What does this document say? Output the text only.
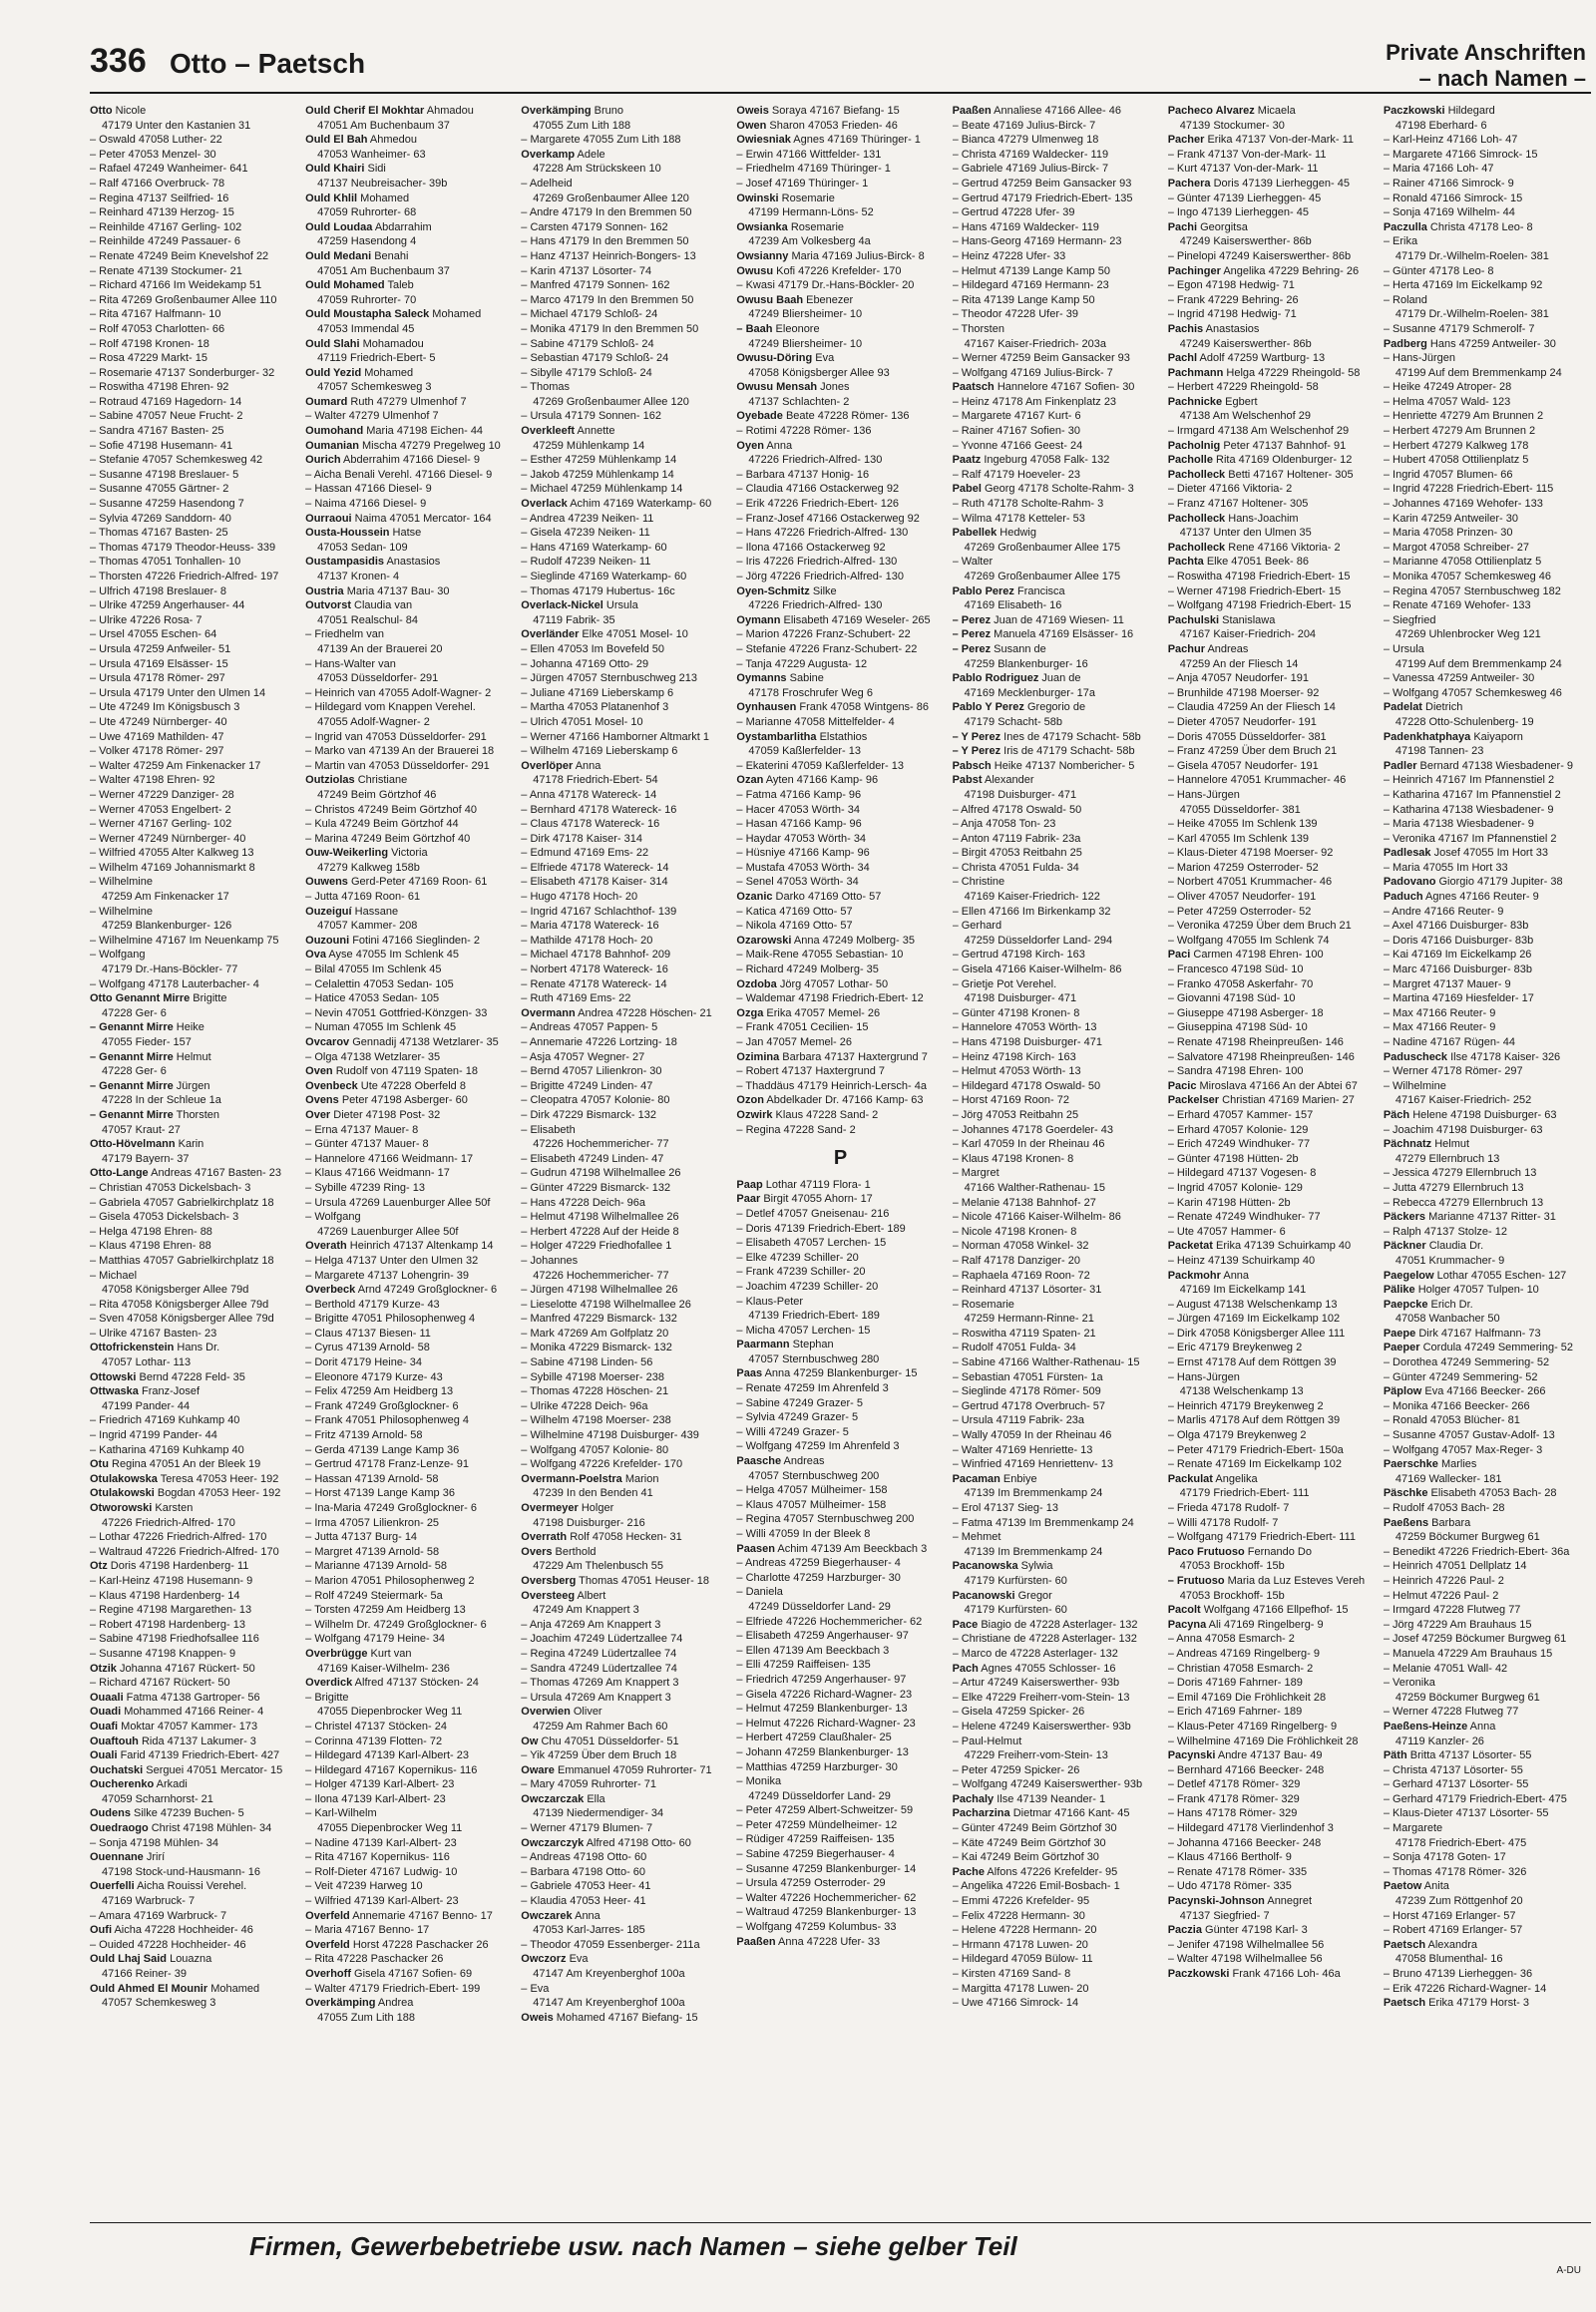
336 Otto – Paetsch	Private Anschriften
– nach Namen –
Otto Nicole
47179 Unter den Kastanien 31
– Oswald 47058 Luther- 22
– Peter 47053 Menzel- 30
– Rafael 47249 Wanheimer- 641
– Ralf 47166 Overbruck- 78
– Regina 47137 Seilfried- 16
– Reinhard 47139 Herzog- 15
– Reinhilde 47167 Gerling- 102
– Reinhilde 47249 Passauer- 6
– Renate 47249 Beim Knevelshof 22
– Renate 47139 Stockumer- 21
– Richard 47166 Im Weidekamp 51
– Rita 47269 Großenbaumer Allee 110
– Rita 47167 Halfmann- 10
– Rolf 47053 Charlotten- 66
– Rolf 47198 Kronen- 18
– Rosa 47229 Markt- 15
– Rosemarie 47137 Sonderburger- 32
– Roswitha 47198 Ehren- 92
– Rotraud 47169 Hagedorn- 14
– Sabine 47057 Neue Frucht- 2
– Sandra 47167 Basten- 25
– Sofie 47198 Husemann- 41
– Stefanie 47057 Schemkesweg 42
– Susanne 47198 Breslauer- 5
– Susanne 47055 Gärtner- 2
– Susanne 47259 Hasendong 7
– Sylvia 47269 Sanddorn- 40
– Thomas 47167 Basten- 25
– Thomas 47179 Theodor-Heuss- 339
– Thomas 47051 Tonhallen- 10
– Thorsten 47226 Friedrich-Alfred- 197
– Ulfrich 47198 Breslauer- 8
– Ulrike 47259 Angerhauser- 44
– Ulrike 47226 Rosa- 7
– Ursel 47055 Eschen- 64
– Ursula 47259 Anfweiler- 51
– Ursula 47169 Elsässer- 15
– Ursula 47178 Römer- 297
– Ursula 47179 Unter den Ulmen 14
– Ute 47249 Im Königsbusch 3
– Ute 47249 Nürnberger- 40
– Uwe 47169 Mathilden- 47
– Volker 47178 Römer- 297
– Walter 47259 Am Finkenacker 17
– Walter 47198 Ehren- 92
– Werner 47229 Danziger- 28
– Werner 47053 Engelbert- 2
– Werner 47167 Gerling- 102
– Werner 47249 Nürnberger- 40
– Wilfried 47055 Alter Kalkweg 13
– Wilhelm 47169 Johannismarkt 8
– Wilhelmine
47259 Am Finkenacker 17
– Wilhelmine
47259 Blankenburger- 126
– Wilhelmine 47167 Im Neuenkamp 75
– Wolfgang
47179 Dr.-Hans-Böckler- 77
– Wolfgang 47178 Lauterbacher- 4
Otto Genannt Mirre Brigitte
47228 Ger- 6
– Genannt Mirre Heike
47055 Fieder- 157
– Genannt Mirre Helmut
47228 Ger- 6
– Genannt Mirre Jürgen
47228 In der Schleue 1a
– Genannt Mirre Thorsten
47057 Kraut- 27
Otto-Hövelmann Karin
47179 Bayern- 37
Otto-Lange Andreas 47167 Basten- 23
– Christian 47053 Dickelsbach- 3
– Gabriela 47057 Gabrielkirchplatz 18
– Gisela 47053 Dickelsbach- 3
– Helga 47198 Ehren- 88
– Klaus 47198 Ehren- 88
– Matthias 47057 Gabrielkirchplatz 18
– Michael
47058 Königsberger Allee 79d
– Rita 47058 Königsberger Allee 79d
– Sven 47058 Königsberger Allee 79d
– Ulrike 47167 Basten- 23
Ottofrickenstein Hans Dr.
47057 Lothar- 113
Ottowski Bernd 47228 Feld- 35
Ottwaska Franz-Josef
47199 Pander- 44
– Friedrich 47169 Kuhkamp 40
– Ingrid 47199 Pander- 44
– Katharina 47169 Kuhkamp 40
Otu Regina 47051 An der Bleek 19
Otulakowska Teresa 47053 Heer- 192
Otulakowski Bogdan 47053 Heer- 192
Otworowski Karsten
47226 Friedrich-Alfred- 170
– Lothar 47226 Friedrich-Alfred- 170
– Waltraud 47226 Friedrich-Alfred- 170
Otz Doris 47198 Hardenberg- 11
– Karl-Heinz 47198 Husemann- 9
– Klaus 47198 Hardenberg- 14
– Regine 47198 Margarethen- 13
– Robert 47198 Hardenberg- 13
– Sabine 47198 Friedhofsallee 116
– Susanne 47198 Knappen- 9
Otzik Johanna 47167 Rückert- 50
– Richard 47167 Rückert- 50
Ouaali Fatma 47138 Gartroper- 56
Ouadi Mohammed 47166 Reiner- 4
Ouafi Moktar 47057 Kammer- 173
Ouaftouh Rida 47137 Lakumer- 3
Ouali Farid 47139 Friedrich-Ebert- 427
Ouchatski Serguei 47051 Mercator- 15
Oucherenko Arkadi
47059 Scharnhorst- 21
Oudens Silke 47239 Buchen- 5
Ouedraogo Christ 47198 Mühlen- 34
– Sonja 47198 Mühlen- 34
Ouennane Jrirí
47198 Stock-und-Hausmann- 16
Ouerfelli Aicha Rouissi Verehel.
47169 Warbruck- 7
– Amara 47169 Warbruck- 7
Oufi Aicha 47228 Hochheider- 46
– Ouided 47228 Hochheider- 46
Ould Lhaj Said Louazna
47166 Reiner- 39
Ould Ahmed El Mounir Mohamed
47057 Schemkesweg 3
Ould Cherif El Mokhtar Ahmadou
47051 Am Buchenbaum 37
Ould El Bah Ahmedou
47053 Wanheimer- 63
Ould Khairi Sidi
47137 Neubreisacher- 39b
Ould Khlil Mohamed
47059 Ruhrorter- 68
Ould Loudaa Abdarrahim
47259 Hasendong 4
Ould Medani Benahi
47051 Am Buchenbaum 37
Ould Mohamed Taleb
47059 Ruhrorter- 70
Ould Moustapha Saleck Mohamed
47053 Immendal 45
Ould Slahi Mohamadou
47119 Friedrich-Ebert- 5
Ould Yezid Mohamed
47057 Schemkesweg 3
Oumard Ruth 47279 Ulmenhof 7
– Walter 47279 Ulmenhof 7
Oumohand Maria 47198 Eichen- 44
Oumanian Mischa 47279 Pregelweg 10
Ourich Abderrahim 47166 Diesel- 9
– Aicha Benali Verehl. 47166 Diesel- 9
– Hassan 47166 Diesel- 9
– Naima 47166 Diesel- 9
Ourraoui Naima 47051 Mercator- 164
Ousta-Houssein Hatse
47053 Sedan- 109
Oustampasidis Anastasios
47137 Kronen- 4
Oustria Maria 47137 Bau- 30
Outvorst Claudia van
47051 Realschul- 84
– Friedhelm van
47139 An der Brauerei 20
– Hans-Walter van
47053 Düsseldorfer- 291
– Heinrich van 47055 Adolf-Wagner- 2
– Hildegard vom Knappen Verehel.
47055 Adolf-Wagner- 2
– Ingrid van 47053 Düsseldorfer- 291
– Marko van 47139 An der Brauerei 18
– Martin van 47053 Düsseldorfer- 291
Outziolas Christiane
47249 Beim Görtzhof 46
– Christos 47249 Beim Görtzhof 40
– Kula 47249 Beim Görtzhof 44
– Marina 47249 Beim Görtzhof 40
Ouw-Weikerling Victoria
47279 Kalkweg 158b
Ouwens Gerd-Peter 47169 Roon- 61
– Jutta 47169 Roon- 61
Ouzeiguí Hassane
47057 Kammer- 208
Ouzouni Fotini 47166 Sieglinden- 2
Ova Ayse 47055 Im Schlenk 45
– Bilal 47055 Im Schlenk 45
– Celalettin 47053 Sedan- 105
– Hatice 47053 Sedan- 105
– Nevin 47051 Gottfried-Könzgen- 33
– Numan 47055 Im Schlenk 45
Ovcarov Gennadij 47138 Wetzlarer- 35
– Olga 47138 Wetzlarer- 35
Oven Rudolf von 47119 Spaten- 18
Ovenbeck Ute 47228 Oberfeld 8
Ovens Peter 47198 Asberger- 60
Over Dieter 47198 Post- 32
– Erna 47137 Mauer- 8
– Günter 47137 Mauer- 8
– Hannelore 47166 Weidmann- 17
– Klaus 47166 Weidmann- 17
– Sybille 47239 Ring- 13
– Ursula 47269 Lauenburger Allee 50f
– Wolfgang
47269 Lauenburger Allee 50f
Overath Heinrich 47137 Altenkamp 14
– Helga 47137 Unter den Ulmen 32
– Margarete 47137 Lohengrin- 39
Overbeck Arnd 47249 Großglockner- 6
– Berthold 47179 Kurze- 43
– Brigitte 47051 Philosophenweg 4
– Claus 47137 Biesen- 11
– Cyrus 47139 Arnold- 58
– Dorit 47179 Heine- 34
– Eleonore 47179 Kurze- 43
– Felix 47259 Am Heidberg 13
– Frank 47249 Großglockner- 6
– Frank 47051 Philosophenweg 4
– Fritz 47139 Arnold- 58
– Gerda 47139 Lange Kamp 36
– Gertrud 47178 Franz-Lenze- 91
– Hassan 47139 Arnold- 58
– Horst 47139 Lange Kamp 36
– Ina-Maria 47249 Großglockner- 6
– Irma 47057 Lilienkron- 25
– Jutta 47137 Burg- 14
– Margret 47139 Arnold- 58
– Marianne 47139 Arnold- 58
– Marion 47051 Philosophenweg 2
– Rolf 47249 Steiermark- 5a
– Torsten 47259 Am Heidberg 13
– Wilhelm Dr. 47249 Großglockner- 6
– Wolfgang 47179 Heine- 34
Overbrügge Kurt van
47169 Kaiser-Wilhelm- 236
Overdick Alfred 47137 Stöcken- 24
– Brigitte
47055 Diepenbrocker Weg 11
– Christel 47137 Stöcken- 24
– Corinna 47139 Flotten- 72
– Hildegard 47139 Karl-Albert- 23
– Hildegard 47167 Kopernikus- 116
– Holger 47139 Karl-Albert- 23
– Ilona 47139 Karl-Albert- 23
– Karl-Wilhelm
47055 Diepenbrocker Weg 11
– Nadine 47139 Karl-Albert- 23
– Rita 47167 Kopernikus- 116
– Rolf-Dieter 47167 Ludwig- 10
– Veit 47239 Harweg 10
– Wilfried 47139 Karl-Albert- 23
Overfeld Annemarie 47167 Benno- 17
– Maria 47167 Benno- 17
Overfeld Horst 47228 Paschacker 26
– Rita 47228 Paschacker 26
Overhoff Gisela 47167 Sofien- 69
– Walter 47179 Friedrich-Ebert- 199
Overkämping Andrea
47055 Zum Lith 188
Overkämping Bruno
47055 Zum Lith 188
– Margarete 47055 Zum Lith 188
Overkamp Adele
47228 Am Strückskeen 10
– Adelheid
47269 Großenbaumer Allee 120
– Andre 47179 In den Bremmen 50
– Carsten 47179 Sonnen- 162
– Hans 47179 In den Bremmen 50
– Hanz 47137 Heinrich-Bongers- 13
– Karin 47137 Lösorter- 74
– Manfred 47179 Sonnen- 162
– Marco 47179 In den Bremmen 50
– Michael 47179 Schloß- 24
– Monika 47179 In den Bremmen 50
– Sabine 47179 Schloß- 24
– Sebastian 47179 Schloß- 24
– Sibylle 47179 Schloß- 24
– Thomas
47269 Großenbaumer Allee 120
– Ursula 47179 Sonnen- 162
Overkleeft Annette
47259 Mühlenkamp 14
– Esther 47259 Mühlenkamp 14
– Jakob 47259 Mühlenkamp 14
– Michael 47259 Mühlenkamp 14
Overlack Achim 47169 Waterkamp- 60
– Andrea 47239 Neiken- 11
– Gisela 47239 Neiken- 11
– Hans 47169 Waterkamp- 60
– Rudolf 47239 Neiken- 11
– Sieglinde 47169 Waterkamp- 60
– Thomas 47179 Hubertus- 16c
Overlack-Nickel Ursula
47119 Fabrik- 35
Overländer Elke 47051 Mosel- 10
– Ellen 47053 Im Bovefeld 50
– Johanna 47169 Otto- 29
– Jürgen 47057 Sternbuschweg 213
– Juliane 47169 Lieberskamp 6
– Martha 47053 Platanenhof 3
– Ulrich 47051 Mosel- 10
– Werner 47166 Hamborner Altmarkt 1
– Wilhelm 47169 Lieberskamp 6
Overlöper Anna
47178 Friedrich-Ebert- 54
– Anna 47178 Watereck- 14
– Bernhard 47178 Watereck- 16
– Claus 47178 Watereck- 16
– Dirk 47178 Kaiser- 314
– Edmund 47169 Ems- 22
– Elfriede 47178 Watereck- 14
– Elisabeth 47178 Kaiser- 314
– Hugo 47178 Hoch- 20
– Ingrid 47167 Schlachthof- 139
– Maria 47178 Watereck- 16
– Mathilde 47178 Hoch- 20
– Michael 47178 Bahnhof- 209
– Norbert 47178 Watereck- 16
– Renate 47178 Watereck- 14
– Ruth 47169 Ems- 22
Overmann Andrea 47228 Höschen- 21
– Andreas 47057 Pappen- 5
– Annemarie 47226 Lortzing- 18
– Asja 47057 Wegner- 27
– Bernd 47057 Lilienkron- 30
– Brigitte 47249 Linden- 47
– Cleopatra 47057 Kolonie- 80
– Dirk 47229 Bismarck- 132
– Elisabeth
47226 Hochemmericher- 77
– Elisabeth 47249 Linden- 47
– Gudrun 47198 Wilhelmallee 26
– Günter 47229 Bismarck- 132
– Hans 47228 Deich- 96a
– Helmut 47198 Wilhelmallee 26
– Herbert 47228 Auf der Heide 8
– Holger 47229 Friedhofallee 1
– Johannes
47226 Hochemmericher- 77
– Jürgen 47198 Wilhelmallee 26
– Lieselotte 47198 Wilhelmallee 26
– Manfred 47229 Bismarck- 132
– Mark 47269 Am Golfplatz 20
– Monika 47229 Bismarck- 132
– Sabine 47198 Linden- 56
– Sybille 47198 Moerser- 238
– Thomas 47228 Höschen- 21
– Ulrike 47228 Deich- 96a
– Wilhelm 47198 Moerser- 238
– Wilhelmine 47198 Duisburger- 439
– Wolfgang 47057 Kolonie- 80
– Wolfgang 47226 Krefelder- 170
Overmann-Poelstra Marion
47239 In den Benden 41
Overmeyer Holger
47198 Duisburger- 216
Overrath Rolf 47058 Hecken- 31
Overs Berthold
47229 Am Thelenbusch 55
Oversberg Thomas 47051 Heuser- 18
Oversteeg Albert
47249 Am Knappert 3
– Anja 47269 Am Knappert 3
– Joachim 47249 Lüdertzallee 74
– Regina 47249 Lüdertzallee 74
– Sandra 47249 Lüdertzallee 74
– Thomas 47269 Am Knappert 3
– Ursula 47269 Am Knappert 3
Overwien Oliver
47259 Am Rahmer Bach 60
Ow Chu 47051 Düsseldorfer- 51
– Yik 47259 Über dem Bruch 18
Oware Emmanuel 47059 Ruhrorter- 71
– Mary 47059 Ruhrorter- 71
Owczarczak Ella
47139 Niedermendiger- 34
– Werner 47179 Blumen- 7
Owczarczyk Alfred 47198 Otto- 60
– Andreas 47198 Otto- 60
– Barbara 47198 Otto- 60
– Gabriele 47053 Heer- 41
– Klaudia 47053 Heer- 41
Owczarek Anna
47053 Karl-Jarres- 185
– Theodor 47059 Essenberger- 211a
Owczorz Eva
47147 Am Kreyenberghof 100a
– Eva
47147 Am Kreyenberghof 100a
Oweis Mohamed 47167 Biefang- 15
Oweis Soraya 47167 Biefang- 15
Owen Sharon 47053 Frieden- 46
Owiesniak Agnes 47169 Thüringer- 1
– Erwin 47166 Wittfelder- 131
– Friedhelm 47169 Thüringer- 1
– Josef 47169 Thüringer- 1
Owinski Rosemarie
47199 Hermann-Löns- 52
Owsianka Rosemarie
47239 Am Volkesberg 4a
Owsianny Maria 47169 Julius-Birck- 8
Owusu Kofi 47226 Krefelder- 170
– Kwasi 47179 Dr.-Hans-Böckler- 20
Owusu Baah Ebenezer
47249 Bliersheimer- 10
– Baah Eleonore
47249 Bliersheimer- 10
Owusu-Döring Eva
47058 Königsberger Allee 93
Owusu Mensah Jones
47137 Schlachten- 2
Oyebade Beate 47228 Römer- 136
– Rotimi 47228 Römer- 136
Oyen Anna
47226 Friedrich-Alfred- 130
– Barbara 47137 Honig- 16
– Claudia 47166 Ostackerweg 92
– Erik 47226 Friedrich-Ebert- 126
– Franz-Josef 47166 Ostackerweg 92
– Hans 47226 Friedrich-Alfred- 130
– Ilona 47166 Ostackerweg 92
– Iris 47226 Friedrich-Alfred- 130
– Jörg 47226 Friedrich-Alfred- 130
Oyen-Schmitz Silke
47226 Friedrich-Alfred- 130
Oymann Elisabeth 47169 Weseler- 265
– Marion 47226 Franz-Schubert- 22
– Stefanie 47226 Franz-Schubert- 22
– Tanja 47229 Augusta- 12
Oymanns Sabine
47178 Froschrufer Weg 6
Oynhausen Frank 47058 Wintgens- 86
– Marianne 47058 Mittelfelder- 4
Oystambarlitha Elstathios
47059 Kaßlerfelder- 13
– Ekaterini 47059 Kaßlerfelder- 13
Ozan Ayten 47166 Kamp- 96
– Fatma 47166 Kamp- 96
– Hacer 47053 Wörth- 34
– Hasan 47166 Kamp- 96
– Haydar 47053 Wörth- 34
– Hüsniye 47166 Kamp- 96
– Mustafa 47053 Wörth- 34
– Senel 47053 Wörth- 34
Ozanic Darko 47169 Otto- 57
– Katica 47169 Otto- 57
– Nikola 47169 Otto- 57
Ozarowski Anna 47249 Molberg- 35
– Maik-Rene 47055 Sebastian- 10
– Richard 47249 Molberg- 35
Ozdoba Jörg 47057 Lothar- 50
– Waldemar 47198 Friedrich-Ebert- 12
Ozga Erika 47057 Memel- 26
– Frank 47051 Cecilien- 15
– Jan 47057 Memel- 26
Ozimina Barbara 47137 Haxtergrund 7
– Robert 47137 Haxtergrund 7
– Thaddäus 47179 Heinrich-Lersch- 4a
Ozon Abdelkader Dr. 47166 Kamp- 63
Ozwirk Klaus 47228 Sand- 2
– Regina 47228 Sand- 2
P
Paap Lothar 47119 Flora- 1
Paar Birgit 47055 Ahorn- 17
– Detlef 47057 Gneisenau- 216
– Doris 47139 Friedrich-Ebert- 189
– Elisabeth 47057 Lerchen- 15
– Elke 47239 Schiller- 20
– Frank 47239 Schiller- 20
– Joachim 47239 Schiller- 20
– Klaus-Peter
47139 Friedrich-Ebert- 189
– Micha 47057 Lerchen- 15
Paarmann Stephan
47057 Sternbuschweg 280
Paas Anna 47259 Blankenburger- 15
– Renate 47259 Im Ahrenfeld 3
– Sabine 47249 Grazer- 5
– Sylvia 47249 Grazer- 5
– Willi 47249 Grazer- 5
– Wolfgang 47259 Im Ahrenfeld 3
Paasche Andreas
47057 Sternbuschweg 200
– Helga 47057 Mülheimer- 158
– Klaus 47057 Mülheimer- 158
– Regina 47057 Sternbuschweg 200
– Willi 47059 In der Bleek 8
Paasen Achim 47139 Am Beeckbach 3
– Andreas 47259 Biegerhauser- 4
– Charlotte 47259 Harzburger- 30
– Daniela
47249 Düsseldorfer Land- 29
– Elfriede 47226 Hochemmericher- 62
– Elisabeth 47259 Angerhauser- 97
– Ellen 47139 Am Beeckbach 3
– Elli 47259 Raiffeisen- 135
– Friedrich 47259 Angerhauser- 97
– Gisela 47226 Richard-Wagner- 23
– Helmut 47259 Blankenburger- 13
– Helmut 47226 Richard-Wagner- 23
– Herbert 47259 Claußhaler- 25
– Johann 47259 Blankenburger- 13
– Matthias 47259 Harzburger- 30
– Monika
47249 Düsseldorfer Land- 29
– Peter 47259 Albert-Schweitzer- 59
– Peter 47259 Mündelheimer- 12
– Rüdiger 47259 Raiffeisen- 135
– Sabine 47259 Biegerhauser- 4
– Susanne 47259 Blankenburger- 14
– Ursula 47259 Osterroder- 29
– Walter 47226 Hochemmericher- 62
– Waltraud 47259 Blankenburger- 13
– Wolfgang 47259 Kolumbus- 33
Paaßen Anna 47228 Ufer- 33
Paaßen Annaliese 47166 Allee- 46
– Beate 47169 Julius-Birck- 7
– Bianca 47279 Ulmenweg 18
– Christa 47169 Waldecker- 119
– Gabriele 47169 Julius-Birck- 7
– Gertrud 47259 Beim Gansacker 93
– Gertrud 47179 Friedrich-Ebert- 135
– Gertrud 47228 Ufer- 39
– Hans 47169 Waldecker- 119
– Hans-Georg 47169 Hermann- 23
– Heinz 47228 Ufer- 33
– Helmut 47139 Lange Kamp 50
– Hildegard 47169 Hermann- 23
– Rita 47139 Lange Kamp 50
– Theodor 47228 Ufer- 39
– Thorsten
47167 Kaiser-Friedrich- 203a
– Werner 47259 Beim Gansacker 93
– Wolfgang 47169 Julius-Birck- 7
Paatsch Hannelore 47167 Sofien- 30
– Heinz 47178 Am Finkenplatz 23
– Margarete 47167 Kurt- 6
– Rainer 47167 Sofien- 30
– Yvonne 47166 Geest- 24
Paatz Ingeburg 47058 Falk- 132
– Ralf 47179 Hoeveler- 23
Pabel Georg 47178 Scholte-Rahm- 3
– Ruth 47178 Scholte-Rahm- 3
– Wilma 47178 Ketteler- 53
Pabellek Hedwig
47269 Großenbaumer Allee 175
– Walter
47269 Großenbaumer Allee 175
Pablo Perez Francisca
47169 Elisabeth- 16
– Perez Juan de 47169 Wiesen- 11
– Perez Manuela 47169 Elsässer- 16
– Perez Susann de
47259 Blankenburger- 16
Pablo Rodriguez Juan de
47169 Mecklenburger- 17a
Pablo Y Perez Gregorio de
47179 Schacht- 58b
– Y Perez Ines de 47179 Schacht- 58b
– Y Perez Iris de 47179 Schacht- 58b
Pabsch Heike 47137 Nombericher- 5
Pabst Alexander
47198 Duisburger- 471
– Alfred 47178 Oswald- 50
– Anja 47058 Ton- 23
– Anton 47119 Fabrik- 23a
– Birgit 47053 Reitbahn 25
– Christa 47051 Fulda- 34
– Christine
47169 Kaiser-Friedrich- 122
– Ellen 47166 Im Birkenkamp 32
– Gerhard
47259 Düsseldorfer Land- 294
– Gertrud 47198 Kirch- 163
– Gisela 47166 Kaiser-Wilhelm- 86
– Grietje Pot Verehel.
47198 Duisburger- 471
– Günter 47198 Kronen- 8
– Hannelore 47053 Wörth- 13
– Hans 47198 Duisburger- 471
– Heinz 47198 Kirch- 163
– Helmut 47053 Wörth- 13
– Hildegard 47178 Oswald- 50
– Horst 47169 Roon- 72
– Jörg 47053 Reitbahn 25
– Johannes 47178 Goerdeler- 43
– Karl 47059 In der Rheinau 46
– Klaus 47198 Kronen- 8
– Margret
47166 Walther-Rathenau- 15
– Melanie 47138 Bahnhof- 27
– Nicole 47166 Kaiser-Wilhelm- 86
– Nicole 47198 Kronen- 8
– Norman 47058 Winkel- 32
– Ralf 47178 Danziger- 20
– Raphaela 47169 Roon- 72
– Reinhard 47137 Lösorter- 31
– Rosemarie
47259 Hermann-Rinne- 21
– Roswitha 47119 Spaten- 21
– Rudolf 47051 Fulda- 34
– Sabine 47166 Walther-Rathenau- 15
– Sebastian 47051 Fürsten- 1a
– Sieglinde 47178 Römer- 509
– Gertrud 47178 Overbruch- 57
– Ursula 47119 Fabrik- 23a
– Wally 47059 In der Rheinau 46
– Walter 47169 Henriette- 13
– Winfried 47169 Henriettenv- 13
Pacaman Enbiye
47139 Im Bremmenkamp 24
– Erol 47137 Sieg- 13
– Fatma 47139 Im Bremmenkamp 24
– Mehmet
47139 Im Bremmenkamp 24
Pacanowska Sylwia
47179 Kurfürsten- 60
Pacanowski Gregor
47179 Kurfürsten- 60
Pace Biagio de 47228 Asterlager- 132
– Christiane de 47228 Asterlager- 132
– Marco de 47228 Asterlager- 132
Pach Agnes 47055 Schlosser- 16
– Artur 47249 Kaiserswerther- 93b
– Elke 47229 Freiherr-vom-Stein- 13
– Gisela 47259 Spicker- 26
– Helene 47249 Kaiserswerther- 93b
– Paul-Helmut
47229 Freiherr-vom-Stein- 13
– Peter 47259 Spicker- 26
– Wolfgang 47249 Kaiserswerther- 93b
Pachaly Ilse 47139 Neander- 1
Pacharzina Dietmar 47166 Kant- 45
– Günter 47249 Beim Görtzhof 30
– Käte 47249 Beim Görtzhof 30
– Kai 47249 Beim Görtzhof 30
Pache Alfons 47226 Krefelder- 95
– Angelika 47226 Emil-Bosbach- 1
– Emmi 47226 Krefelder- 95
– Felix 47228 Hermann- 30
– Helene 47228 Hermann- 20
– Hrmann 47178 Luwen- 20
– Hildegard 47059 Bülow- 11
– Kirsten 47169 Sand- 8
– Margitta 47178 Luwen- 20
– Uwe 47166 Simrock- 14
Pacheco Alvarez Micaela
47139 Stockumer- 30
Pacher Erika 47137 Von-der-Mark- 11
– Frank 47137 Von-der-Mark- 11
– Kurt 47137 Von-der-Mark- 11
Pachera Doris 47139 Lierheggen- 45
– Günter 47139 Lierheggen- 45
– Ingo 47139 Lierheggen- 45
Pachi Georgitsa
47249 Kaiserswerther- 86b
– Pinelopi 47249 Kaiserswerther- 86b
Pachinger Angelika 47229 Behring- 26
– Egon 47198 Hedwig- 71
– Frank 47229 Behring- 26
– Ingrid 47198 Hedwig- 71
Pachis Anastasios
47249 Kaiserswerther- 86b
Pachl Adolf 47259 Wartburg- 13
Pachmann Helga 47229 Rheingold- 58
– Herbert 47229 Rheingold- 58
Pachnicke Egbert
47138 Am Welschenhof 29
– Irmgard 47138 Am Welschenhof 29
Pacholnig Peter 47137 Bahnhof- 91
Pacholle Rita 47169 Oldenburger- 12
Pacholleck Betti 47167 Holtener- 305
– Dieter 47166 Viktoria- 2
– Franz 47167 Holtener- 305
Pacholleck Hans-Joachim
47137 Unter den Ulmen 35
Pacholleck Rene 47166 Viktoria- 2
Pachta Elke 47051 Beek- 86
– Roswitha 47198 Friedrich-Ebert- 15
– Werner 47198 Friedrich-Ebert- 15
– Wolfgang 47198 Friedrich-Ebert- 15
Pachulski Stanislawa
47167 Kaiser-Friedrich- 204
Pachur Andreas
47259 An der Fliesch 14
– Anja 47057 Neudorfer- 191
– Brunhilde 47198 Moerser- 92
– Claudia 47259 An der Fliesch 14
– Dieter 47057 Neudorfer- 191
– Doris 47055 Düsseldorfer- 381
– Franz 47259 Über dem Bruch 21
– Gisela 47057 Neudorfer- 191
– Hannelore 47051 Krummacher- 46
– Hans-Jürgen
47055 Düsseldorfer- 381
– Heike 47055 Im Schlenk 139
– Karl 47055 Im Schlenk 139
– Klaus-Dieter 47198 Moerser- 92
– Marion 47259 Osterroder- 52
– Norbert 47051 Krummacher- 46
– Oliver 47057 Neudorfer- 191
– Peter 47259 Osterroder- 52
– Veronika 47259 Über dem Bruch 21
– Wolfgang 47055 Im Schlenk 74
Paci Carmen 47198 Ehren- 100
– Francesco 47198 Süd- 10
– Franko 47058 Askerfahr- 70
– Giovanni 47198 Süd- 10
– Giuseppe 47198 Asberger- 18
– Giuseppina 47198 Süd- 10
– Renate 47198 Rheinpreußen- 146
– Salvatore 47198 Rheinpreußen- 146
– Sandra 47198 Ehren- 100
Pacic Miroslava 47166 An der Abtei 67
Packelser Christian 47169 Marien- 27
– Erhard 47057 Kammer- 157
– Erhard 47057 Kolonie- 129
– Erich 47249 Windhuker- 77
– Günter 47198 Hütten- 2b
– Hildegard 47137 Vogesen- 8
– Ingrid 47057 Kolonie- 129
– Karin 47198 Hütten- 2b
– Renate 47249 Windhuker- 77
– Ute 47057 Hammer- 6
Packetat Erika 47139 Schuirkamp 40
– Heinz 47139 Schuirkamp 40
Packmohr Anna
47169 Im Eickelkamp 141
– August 47138 Welschenkamp 13
– Jürgen 47169 Im Eickelkamp 102
– Dirk 47058 Königsberger Allee 111
– Eric 47179 Breykenweg 2
– Ernst 47178 Auf dem Röttgen 39
– Hans-Jürgen
47138 Welschenkamp 13
– Heinrich 47179 Breykenweg 2
– Marlis 47178 Auf dem Röttgen 39
– Olga 47179 Breykenweg 2
– Peter 47179 Friedrich-Ebert- 150a
– Renate 47169 Im Eickelkamp 102
Packulat Angelika
47179 Friedrich-Ebert- 111
– Frieda 47178 Rudolf- 7
– Willi 47178 Rudolf- 7
– Wolfgang 47179 Friedrich-Ebert- 111
Paco Frutuoso Fernando Do
47053 Brockhoff- 15b
– Frutuoso Maria da Luz Esteves Vereh
47053 Brockhoff- 15b
Pacolt Wolfgang 47166 Ellpefhof- 15
Pacyna Ali 47169 Ringelberg- 9
– Anna 47058 Esmarch- 2
– Andreas 47169 Ringelberg- 9
– Christian 47058 Esmarch- 2
– Doris 47169 Fahrner- 189
– Emil 47169 Die Fröhlichkeit 28
– Erich 47169 Fahrner- 189
– Klaus-Peter 47169 Ringelberg- 9
– Wilhelmine 47169 Die Fröhlichkeit 28
Pacynski Andre 47137 Bau- 49
– Bernhard 47166 Beecker- 248
– Detlef 47178 Römer- 329
– Frank 47178 Römer- 329
– Hans 47178 Römer- 329
– Hildegard 47178 Vierlindenhof 3
– Johanna 47166 Beecker- 248
– Klaus 47166 Bertholf- 9
– Renate 47178 Römer- 335
– Udo 47178 Römer- 335
Pacynski-Johnson Annegret
47137 Siegfried- 7
Paczia Günter 47198 Karl- 3
– Jenifer 47198 Wilhelmallee 56
– Walter 47198 Wilhelmallee 56
Paczkowski Frank 47166 Loh- 46a
Paczkowski Hildegard
47198 Eberhard- 6
– Karl-Heinz 47166 Loh- 47
– Margarete 47166 Simrock- 15
– Maria 47166 Loh- 47
– Rainer 47166 Simrock- 9
– Ronald 47166 Simrock- 15
– Sonja 47169 Wilhelm- 44
Paczulla Christa 47178 Leo- 8
– Erika
47179 Dr.-Wilhelm-Roelen- 381
– Günter 47178 Leo- 8
– Herta 47169 Im Eickelkamp 92
– Roland
47179 Dr.-Wilhelm-Roelen- 381
– Susanne 47179 Schmerolf- 7
Padberg Hans 47259 Antweiler- 30
– Hans-Jürgen
47199 Auf dem Bremmenkamp 24
– Heike 47249 Atroper- 28
– Helma 47057 Wald- 123
– Henriette 47279 Am Brunnen 2
– Herbert 47279 Am Brunnen 2
– Herbert 47279 Kalkweg 178
– Hubert 47058 Ottilienplatz 5
– Ingrid 47057 Blumen- 66
– Ingrid 47228 Friedrich-Ebert- 115
– Johannes 47169 Wehofer- 133
– Karin 47259 Antweiler- 30
– Maria 47058 Prinzen- 30
– Margot 47058 Schreiber- 27
– Marianne 47058 Ottilienplatz 5
– Monika 47057 Schemkesweg 46
– Regina 47057 Sternbuschweg 182
– Renate 47169 Wehofer- 133
– Siegfried
47269 Uhlenbrocker Weg 121
– Ursula
47199 Auf dem Bremmenkamp 24
– Vanessa 47259 Antweiler- 30
– Wolfgang 47057 Schemkesweg 46
Padelat Dietrich
47228 Otto-Schulenberg- 19
Padenkhatphaya Kaiyaporn
47198 Tannen- 23
Padler Bernard 47138 Wiesbadener- 9
– Heinrich 47167 Im Pfannenstiel 2
– Katharina 47167 Im Pfannenstiel 2
– Katharina 47138 Wiesbadener- 9
– Maria 47138 Wiesbadener- 9
– Veronika 47167 Im Pfannenstiel 2
Padlesak Josef 47055 Im Hort 33
– Maria 47055 Im Hort 33
Padovano Giorgio 47179 Jupiter- 38
Paduch Agnes 47166 Reuter- 9
– Andre 47166 Reuter- 9
– Axel 47166 Duisburger- 83b
– Doris 47166 Duisburger- 83b
– Kai 47169 Im Eickelkamp 26
– Marc 47166 Duisburger- 83b
– Margret 47137 Mauer- 9
– Martina 47169 Hiesfelder- 17
– Max 47166 Reuter- 9
– Max 47166 Reuter- 9
– Nadine 47167 Rügen- 44
Paduscheck Ilse 47178 Kaiser- 326
– Werner 47178 Römer- 297
– Wilhelmine
47167 Kaiser-Friedrich- 252
Päch Helene 47198 Duisburger- 63
– Joachim 47198 Duisburger- 63
Pächnatz Helmut
47279 Ellernbruch 13
– Jessica 47279 Ellernbruch 13
– Jutta 47279 Ellernbruch 13
– Rebecca 47279 Ellernbruch 13
Päckers Marianne 47137 Ritter- 31
– Ralph 47137 Stolze- 12
Päckner Claudia Dr.
47051 Krummacher- 9
Paegelow Lothar 47055 Eschen- 127
Pälike Holger 47057 Tulpen- 10
Paepcke Erich Dr.
47058 Wanbacher 50
Paepe Dirk 47167 Halfmann- 73
Paeper Cordula 47249 Semmering- 52
– Dorothea 47249 Semmering- 52
– Günter 47249 Semmering- 52
Päplow Eva 47166 Beecker- 266
– Monika 47166 Beecker- 266
– Ronald 47053 Blücher- 81
– Susanne 47057 Gustav-Adolf- 13
– Wolfgang 47057 Max-Reger- 3
Paerschke Marlies
47169 Wallecker- 181
Päschke Elisabeth 47053 Bach- 28
– Rudolf 47053 Bach- 28
Paeßens Barbara
47259 Böckumer Burgweg 61
– Benedikt 47226 Friedrich-Ebert- 36a
– Heinrich 47051 Dellplatz 14
– Heinrich 47226 Paul- 2
– Helmut 47226 Paul- 2
– Irmgard 47228 Flutweg 77
– Jörg 47229 Am Brauhaus 15
– Josef 47259 Böckumer Burgweg 61
– Manuela 47229 Am Brauhaus 15
– Melanie 47051 Wall- 42
– Veronika
47259 Böckumer Burgweg 61
– Werner 47228 Flutweg 77
Paeßens-Heinze Anna
47119 Kanzler- 26
Päth Britta 47137 Lösorter- 55
– Christa 47137 Lösorter- 55
– Gerhard 47137 Lösorter- 55
– Gerhard 47179 Friedrich-Ebert- 475
– Klaus-Dieter 47137 Lösorter- 55
– Margarete
47178 Friedrich-Ebert- 475
– Sonja 47178 Goten- 17
– Thomas 47178 Römer- 326
Paetow Anita
47239 Zum Röttgenhof 20
– Horst 47169 Erlanger- 57
– Robert 47169 Erlanger- 57
Paetsch Alexandra
47058 Blumenthal- 16
– Bruno 47139 Lierheggen- 36
– Erik 47226 Richard-Wagner- 14
Paetsch Erika 47179 Horst- 3
Firmen, Gewerbebetriebe usw. nach Namen – siehe gelber Teil
A-DU
